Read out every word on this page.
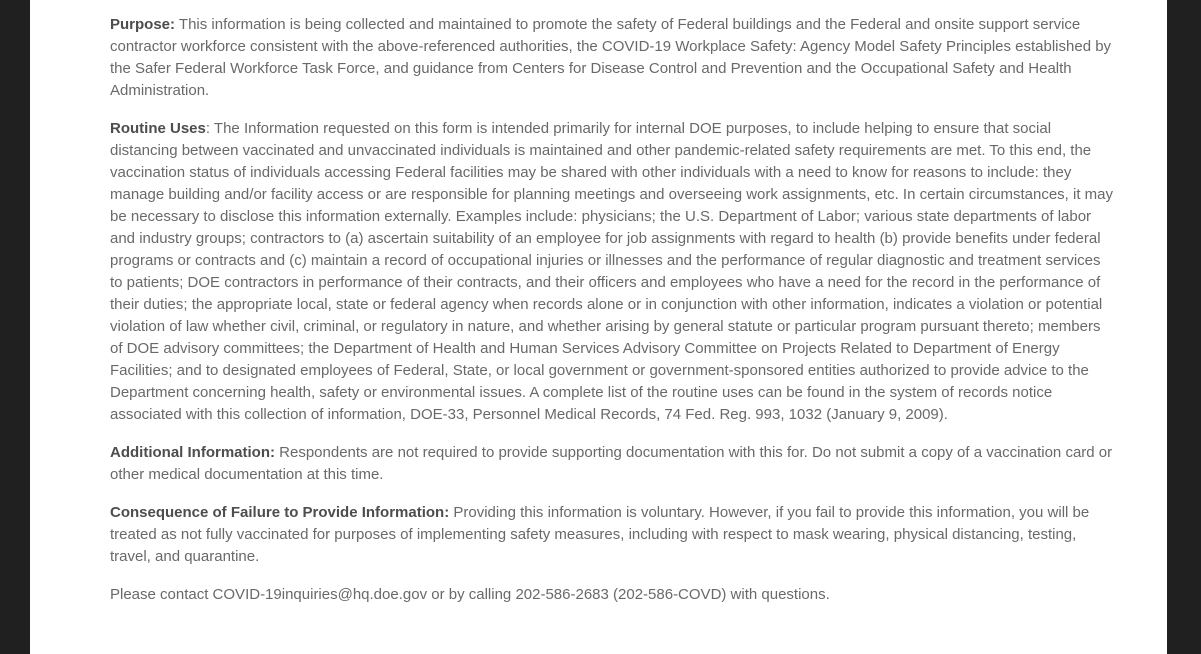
Purpose: This information is being collected and maintained to promote the safety of Federal buildings and the Federal and onsite support service contractor workforce consistent with the above-referenced authorities, the COVID-19 Workplace Safety: Agency Model Safety Principles established by the Safer Federal Workforce Task Force, and guidance from Centers for Disease Control and Prevention and the Occupational Safety and Health Administration.

Routine Uses: The Information requested on this form is intended primarily for internal DOE purposes, to include helping to ensure that social distancing between vaccinated and unvaccinated individuals is maintained and other pandemic-related safety requirements are met. To this end, the vaccination status of individuals accessing Federal facilities may be shared with other individuals with a need to know for reasons to include: they manage building and/or facility access or are responsible for planning meetings and overseeing work assignments, etc. In certain circumstances, it may be necessary to disclose this information externally. Examples include: physicians; the U.S. Department of Labor; various state departments of labor and industry groups; contractors to (a) ascertain suitability of an employee for job assignments with regard to health (b) provide benefits under federal programs or contracts and (c) maintain a record of occupational injuries or illnesses and the performance of regular diagnostic and treatment services to patients; DOE contractors in performance of their contracts, and their officers and employees who have a need for the record in the performance of their duties; the appropriate local, state or federal agency when records alone or in conjunction with other information, indicates a violation or potential violation of law whether civil, criminal, or regulatory in nature, and whether arising by general statute or particular program pursuant thereto; members of DOE advisory committees; the Department of Health and Human Services Advisory Committee on Projects Related to Department of Energy Facilities; and to designated employees of Federal, State, or local government or government-sponsored entities authorized to provide advice to the Department concerning health, safety or environmental issues. A complete list of the routine uses can be found in the system of records notice associated with this collection of information, DOE-33, Personnel Medical Records, 74 Fed. Reg. 993, 1032 (January 9, 2009).

Additional Information: Respondents are not required to provide supporting documentation with this for. Do not submit a copy of a vaccination card or other medical documentation at this time.

Consequence of Failure to Provide Information: Providing this information is voluntary. However, if you fail to provide this information, you will be treated as not fully vaccinated for purposes of implementing safety measures, including with respect to mask wearing, physical distancing, testing, travel, and quarantine.

Please contact COVID-19inquiries@hq.doe.gov or by calling 202-586-2683 (202-586-COVD) with questions.
